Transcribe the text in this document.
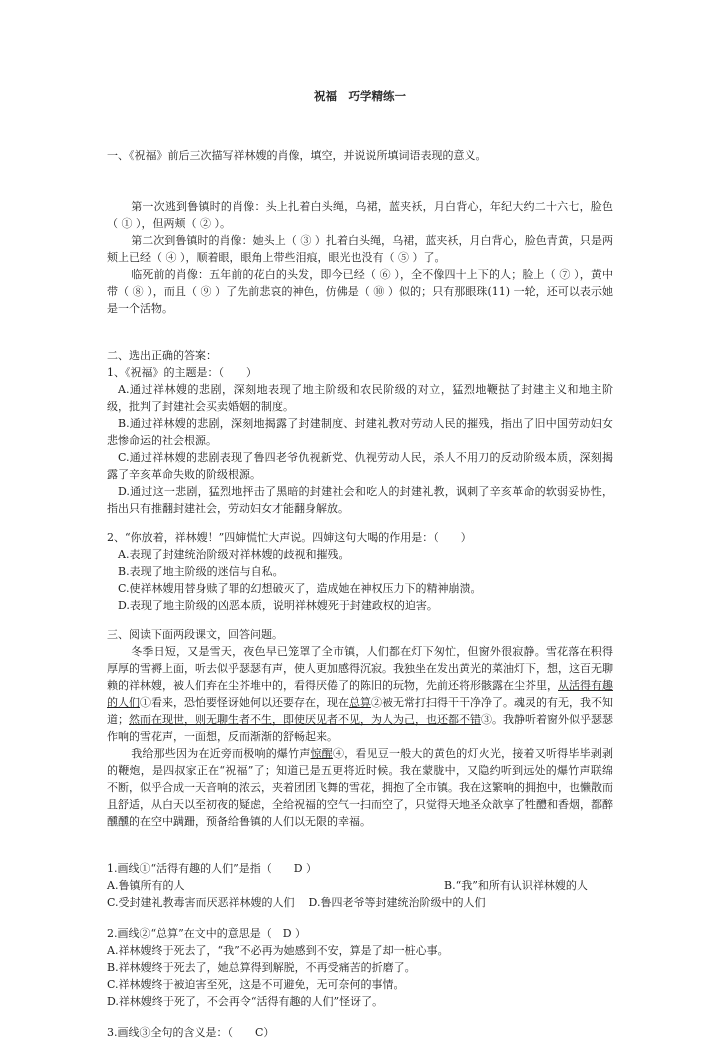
祝福　巧学精练一

一、《祝福》前后三次描写祥林嫂的肖像，填空，并说说所填词语表现的意义。

第一次逃到鲁镇时的肖像：头上扎着白头绳，乌裙，蓝夹袄，月白背心，年纪大约二十六七，脸色（ ① ），但两颊（ ② ）。

第二次到鲁镇时的肖像：她头上（ ③ ）扎着白头绳，乌裙，蓝夹袄，月白背心，脸色青黄，只是两颊上已经（ ④ ），顺着眼，眼角上带些泪痕，眼光也没有（ ⑤ ）了。

临死前的肖像：五年前的花白的头发，即今已经（ ⑥ ），全不像四十上下的人；脸上（ ⑦ ），黄中带（ ⑧ ），而且（ ⑨ ）了先前悲哀的神色，仿佛是（ ⑩ ）似的；只有那眼珠(11) 一轮，还可以表示她是一个活物。

二、选出正确的答案：

1、《祝福》的主题是：（　　）

A.通过祥林嫂的悲剧，深刻地表现了地主阶级和农民阶级的对立，猛烈地鞭挞了封建主义和地主阶级，批判了封建社会买卖婚姻的制度。

B.通过祥林嫂的悲剧，深刻地揭露了封建制度、封建礼教对劳动人民的摧残，指出了旧中国劳动妇女悲惨命运的社会根源。

C.通过祥林嫂的悲剧表现了鲁四老爷仇视新党、仇视劳动人民，杀人不用刀的反动阶级本质，深刻揭露了辛亥革命失败的阶级根源。

D.通过这一悲剧，猛烈地抨击了黑暗的封建社会和吃人的封建礼教，讽刺了辛亥革命的软弱妥协性，指出只有推翻封建社会，劳动妇女才能翻身解放。

2、“你放着，祥林嫂！”四婶慌忙大声说。四婶这句大喝的作用是：（　　）

A.表现了封建统治阶级对祥林嫂的歧视和摧残。

B.表现了地主阶级的迷信与自私。

C.使祥林嫂用替身赎了罪的幻想破灭了，造成她在神权压力下的精神崩溃。

D.表现了地主阶级的凶恶本质，说明祥林嫂死于封建政权的迫害。

三、阅读下面两段课文，回答问题。

冬季日短，又是雪天，夜色早已笼罩了全市镇，人们都在灯下匆忙，但窗外很寂静。雪花落在积得厚厚的雪褥上面，听去似乎瑟瑟有声，使人更加感得沉寂。我独坐在发出黄光的菜油灯下，想，这百无聊赖的祥林嫂，被人们弃在尘芥堆中的，看得厌倦了的陈旧的玩物，先前还将形骸露在尘芥里，从活得有趣的人们①看来，恐怕要怪讶她何以还要存在，现在总算②被无常打扫得干干净净了。魂灵的有无，我不知道；然而在现世，则无聊生者不生，即使厌见者不见，为人为己，也还都不错③。我静听着窗外似乎瑟瑟作响的雪花声，一面想，反而渐渐的舒畅起来。

我给那些因为在近旁而极响的爆竹声惊醒④，看见豆一般大的黄色的灯火光，接着又听得毕毕剥剥的鞭炮，是四叔家正在“祝福”了；知道已是五更将近时候。我在蒙胧中，又隐约听到远处的爆竹声联绵不断，似乎合成一天音响的浓云，夹着团团飞舞的雪花，拥抱了全市镇。我在这繁响的拥抱中，也懒散而且舒适，从白天以至初夜的疑虑，全给祝福的空气一扫而空了，只觉得天地圣众歆享了牲醴和香烟，都醉醺醺的在空中蹒跚，预备给鲁镇的人们以无限的幸福。

1.画线①“活得有趣的人们”是指（　　D ）

A.鲁镇所有的人	B.“我”和所有认识祥林嫂的人
C.受封建礼教毒害而厌恶祥林嫂的人们 D.鲁四老爷等封建统治阶级中的人们

2.画线②“总算”在文中的意思是（　D ）

A.祥林嫂终于死去了，“我”不必再为她感到不安，算是了却一桩心事。

B.祥林嫂终于死去了，她总算得到解脱，不再受痛苦的折磨了。

C.祥林嫂终于被迫害至死，这是不可避免，无可奈何的事情。

D.祥林嫂终于死了，不会再令“活得有趣的人们”怪讶了。

3.画线③全句的含义是：（　　C）
